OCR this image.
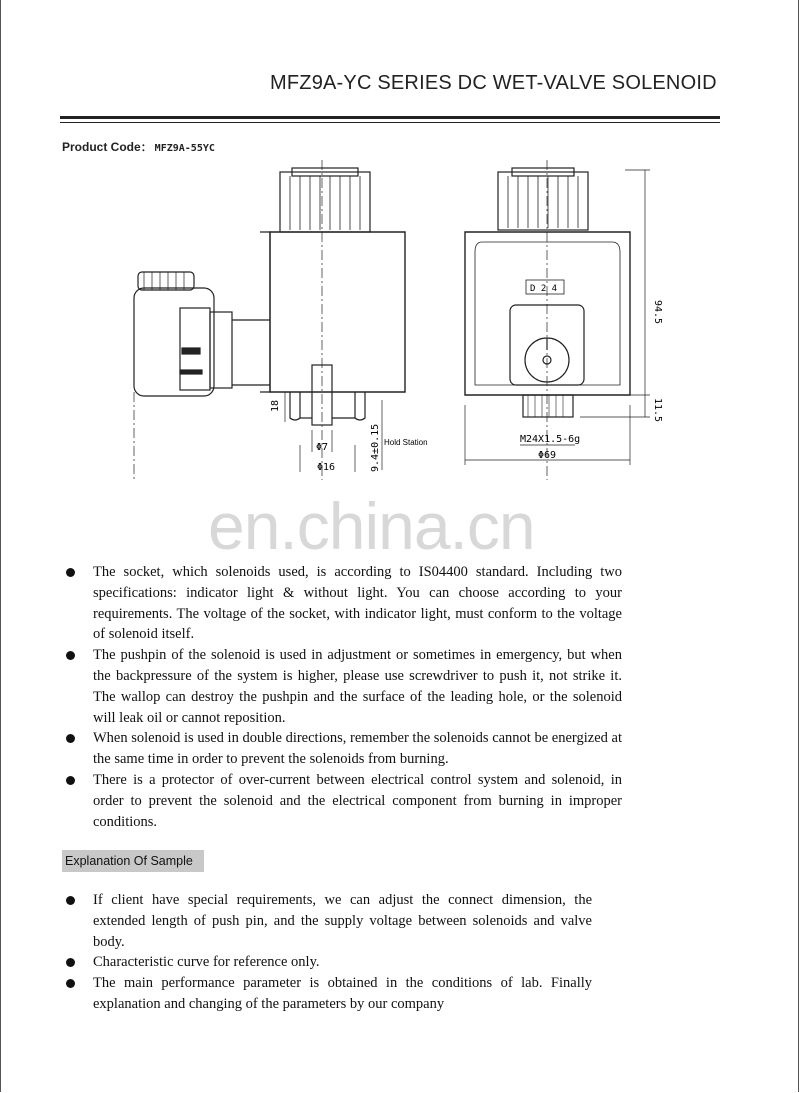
MFZ9A-YC SERIES DC WET-VALVE SOLENOID
Product Code： MFZ9A-55YC
18
Φ7
Φ16	9.4±0.15 Hold Station
D 2 4
M24X1.5-6g
Φ69
94.5
11.5
en.china.cn
The socket, which solenoids used, is according to IS04400 standard. Including two specifications: indicator light & without light. You can choose according to your requirements. The voltage of the socket, with indicator light, must conform to the voltage of solenoid itself.
The pushpin of the solenoid is used in adjustment or sometimes in emergency, but when the backpressure of the system is higher, please use screwdriver to push it, not strike it. The wallop can destroy the pushpin and the surface of the leading hole, or the solenoid will leak oil or cannot reposition.
When solenoid is used in double directions, remember the solenoids cannot be energized at the same time in order to prevent the solenoids from burning.
There is a protector of over-current between electrical control system and solenoid, in order to prevent the solenoid and the electrical component from burning in improper conditions.
Explanation Of Sample
If client have special requirements, we can adjust the connect dimension, the extended length of push pin, and the supply voltage between solenoids and valve body.
Characteristic curve for reference only.
The main performance parameter is obtained in the conditions of lab. Finally explanation and changing of the parameters by our company
